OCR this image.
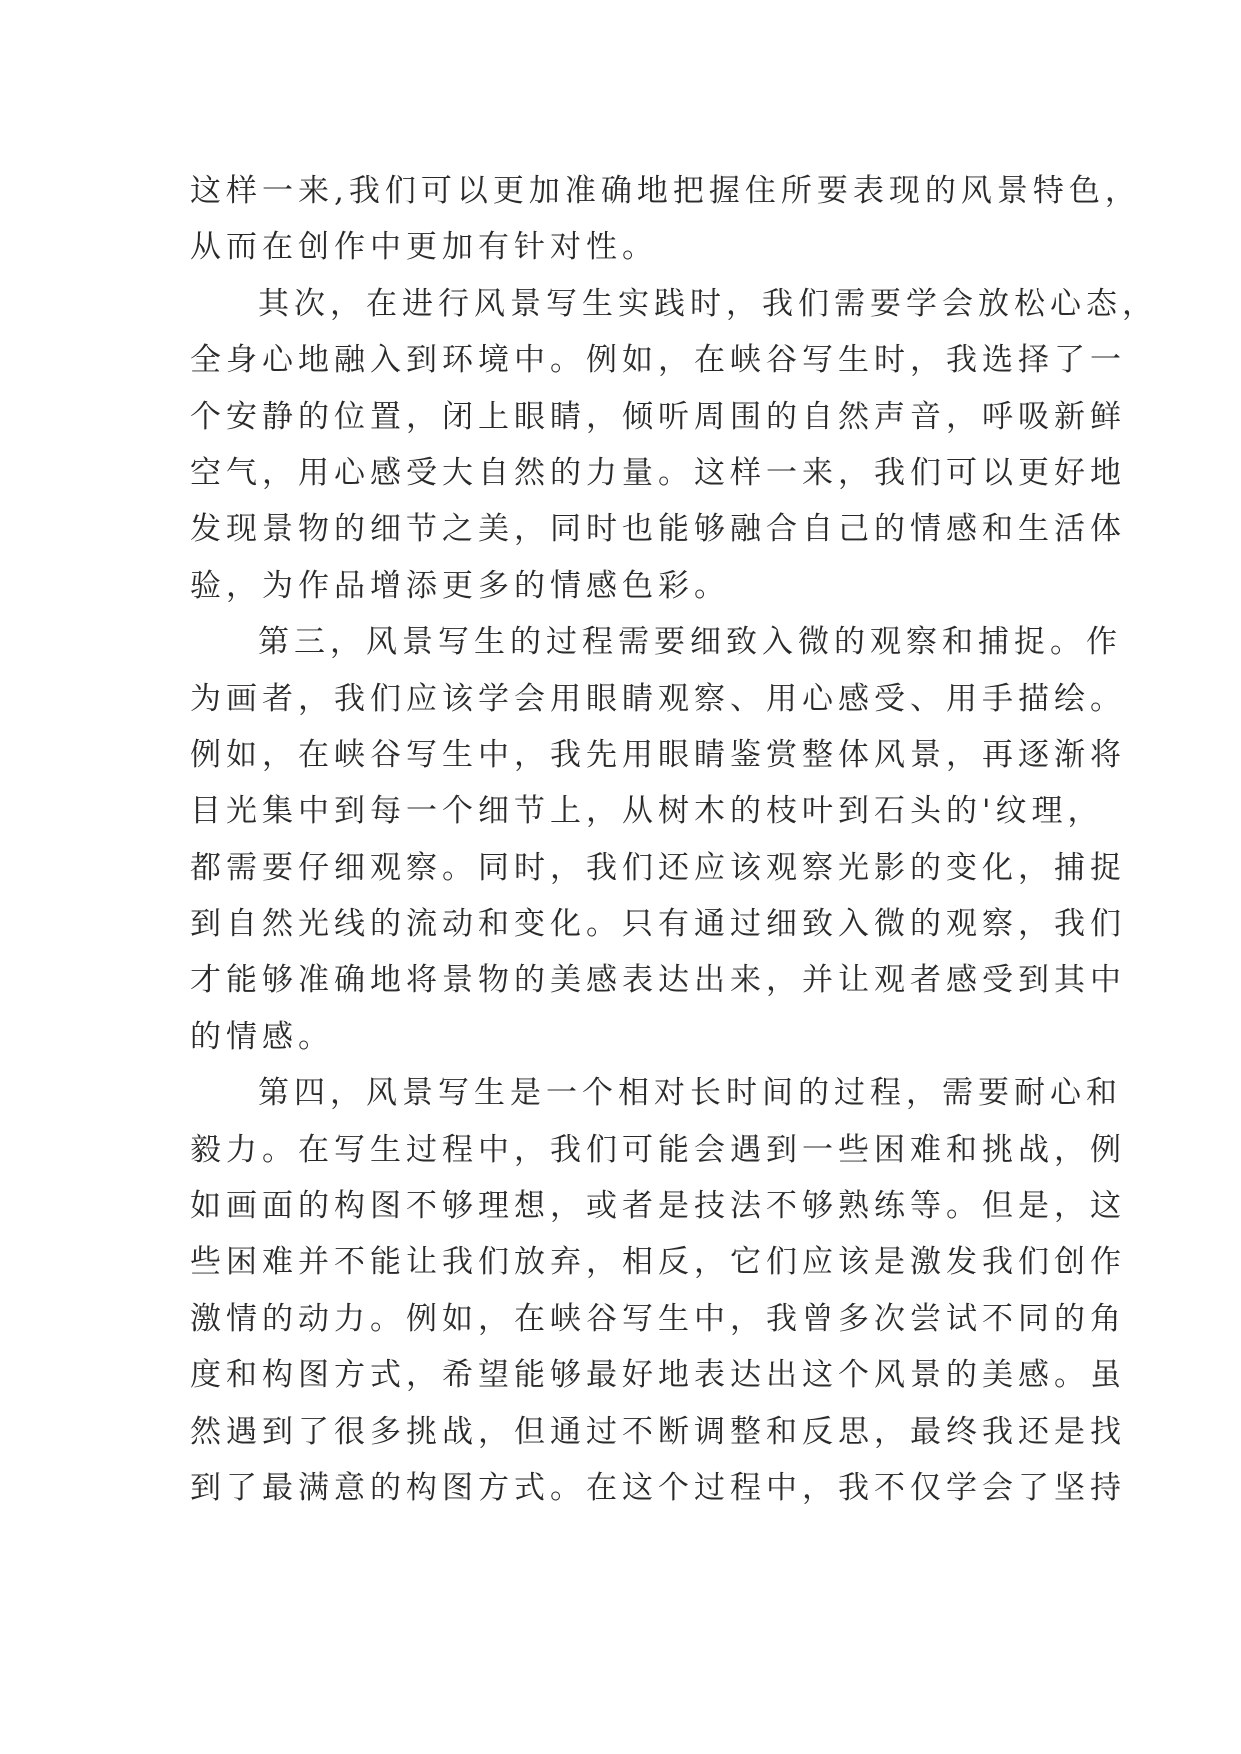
这样一来,我们可以更加准确地把握住所要表现的风景特色，

从而在创作中更加有针对性。

其次，在进行风景写生实践时，我们需要学会放松心态，

全身心地融入到环境中。例如，在峡谷写生时，我选择了一

个安静的位置，闭上眼睛，倾听周围的自然声音，呼吸新鲜

空气，用心感受大自然的力量。这样一来，我们可以更好地

发现景物的细节之美，同时也能够融合自己的情感和生活体

验，为作品增添更多的情感色彩。

第三，风景写生的过程需要细致入微的观察和捕捉。作

为画者，我们应该学会用眼睛观察、用心感受、用手描绘。

例如，在峡谷写生中，我先用眼睛鉴赏整体风景，再逐渐将

目光集中到每一个细节上，从树木的枝叶到石头的'纹理，

都需要仔细观察。同时，我们还应该观察光影的变化，捕捉

到自然光线的流动和变化。只有通过细致入微的观察，我们

才能够准确地将景物的美感表达出来，并让观者感受到其中

的情感。

第四，风景写生是一个相对长时间的过程，需要耐心和

毅力。在写生过程中，我们可能会遇到一些困难和挑战，例

如画面的构图不够理想，或者是技法不够熟练等。但是，这

些困难并不能让我们放弃，相反，它们应该是激发我们创作

激情的动力。例如，在峡谷写生中，我曾多次尝试不同的角

度和构图方式，希望能够最好地表达出这个风景的美感。虽

然遇到了很多挑战，但通过不断调整和反思，最终我还是找

到了最满意的构图方式。在这个过程中，我不仅学会了坚持
